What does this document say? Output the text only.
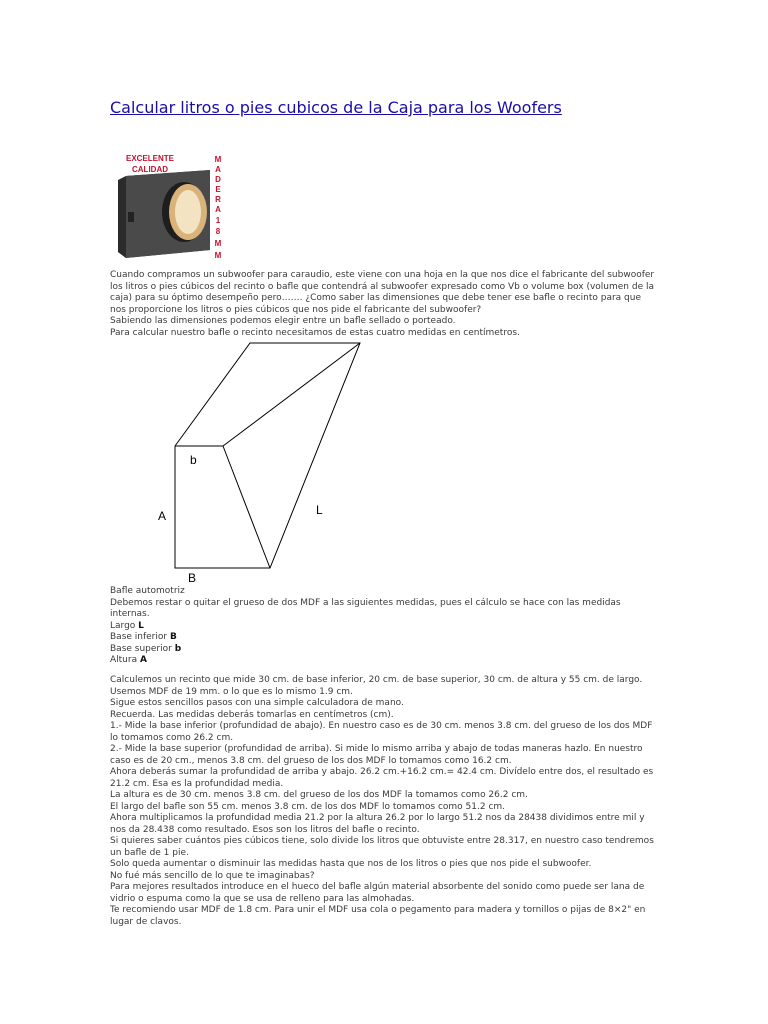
Calcular litros o pies cubicos de la Caja para los Woofers
EXCELENTE
CALIDAD
M
A
D
E
R
A
1
8
M
M
Cuando compramos un subwoofer para caraudio, este viene con una hoja en la que nos dice el fabricante del subwoofer
los litros o pies cúbicos del recinto o bafle que contendrá al subwoofer expresado como Vb o volume box (volumen de la
caja) para su óptimo desempeño pero……. ¿Como saber las dimensiones que debe tener ese bafle o recinto para que
nos proporcione los litros o pies cúbicos que nos pide el fabricante del subwoofer?
Sabiendo las dimensiones podemos elegir entre un bafle sellado o porteado.
Para calcular nuestro bafle o recinto necesitamos de estas cuatro medidas en centímetros.
b
A	L
B
Bafle automotriz
Debemos restar o quitar el grueso de dos MDF a las siguientes medidas, pues el cálculo se hace con las medidas internas.
Largo L
Base inferior B
Base superior b
Altura A
Calculemos un recinto que mide 30 cm. de base inferior, 20 cm. de base superior, 30 cm. de altura y 55 cm. de largo.
Usemos MDF de 19 mm. o lo que es lo mismo 1.9 cm.
Sigue estos sencillos pasos con una simple calculadora de mano.
Recuerda. Las medidas deberás tomarlas en centímetros (cm).
1.- Mide la base inferior (profundidad de abajo). En nuestro caso es de 30 cm. menos 3.8 cm. del grueso de los dos MDF lo tomamos como 26.2 cm.
2.- Mide la base superior (profundidad de arriba). Si mide lo mismo arriba y abajo de todas maneras hazlo. En nuestro caso es de 20 cm., menos 3.8 cm. del grueso de los dos MDF lo tomamos como 16.2 cm.
Ahora deberás sumar la profundidad de arriba y abajo. 26.2 cm.+16.2 cm.= 42.4 cm. Divídelo entre dos, el resultado es 21.2 cm. Esa es la profundidad media.
La altura es de 30 cm. menos 3.8 cm. del grueso de los dos MDF la tomamos como 26.2 cm.
El largo del bafle son 55 cm. menos 3.8 cm. de los dos MDF lo tomamos como 51.2 cm.
Ahora multiplicamos la profundidad media 21.2 por la altura 26.2 por lo largo 51.2 nos da 28438 dividimos entre mil y nos da 28.438 como resultado. Esos son los litros del bafle o recinto.
Si quieres saber cuántos pies cúbicos tiene, solo divide los litros que obtuviste entre 28.317, en nuestro caso tendremos un bafle de 1 pie.
Solo queda aumentar o disminuir las medidas hasta que nos de los litros o pies que nos pide el subwoofer.
No fué más sencillo de lo que te imaginabas?
Para mejores resultados introduce en el hueco del bafle algún material absorbente del sonido como puede ser lana de vidrio o espuma como la que se usa de relleno para las almohadas.
Te recomiendo usar MDF de 1.8 cm. Para unir el MDF usa cola o pegamento para madera y tornillos o pijas de 8×2" en lugar de clavos.
